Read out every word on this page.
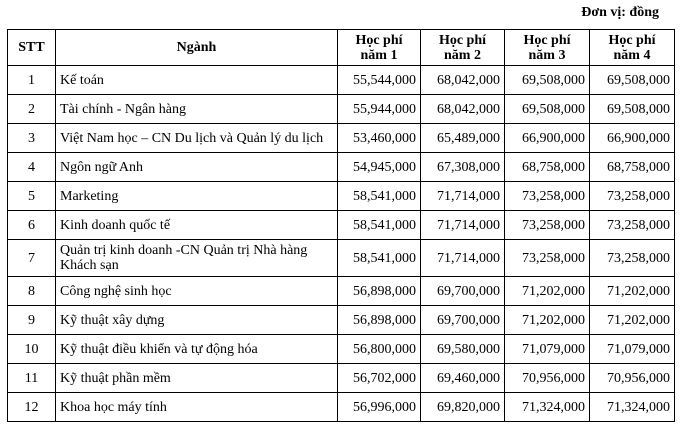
Đơn vị: đồng
STT	Ngành	Học phí năm 1	Học phí năm 2	Học phí năm 3	Học phí năm 4
1	Kế toán	55,544,000	68,042,000	69,508,000	69,508,000
2	Tài chính - Ngân hàng	55,944,000	68,042,000	69,508,000	69,508,000
3	Việt Nam học – CN Du lịch và Quản lý du lịch	53,460,000	65,489,000	66,900,000	66,900,000
4	Ngôn ngữ Anh	54,945,000	67,308,000	68,758,000	68,758,000
5	Marketing	58,541,000	71,714,000	73,258,000	73,258,000
6	Kinh doanh quốc tế	58,541,000	71,714,000	73,258,000	73,258,000
7	Quản trị kinh doanh -CN Quản trị Nhà hàng Khách sạn	58,541,000	71,714,000	73,258,000	73,258,000
8	Công nghệ sinh học	56,898,000	69,700,000	71,202,000	71,202,000
9	Kỹ thuật xây dựng	56,898,000	69,700,000	71,202,000	71,202,000
10	Kỹ thuật điều khiển và tự động hóa	56,800,000	69,580,000	71,079,000	71,079,000
11	Kỹ thuật phần mềm	56,702,000	69,460,000	70,956,000	70,956,000
12	Khoa học máy tính	56,996,000	69,820,000	71,324,000	71,324,000
